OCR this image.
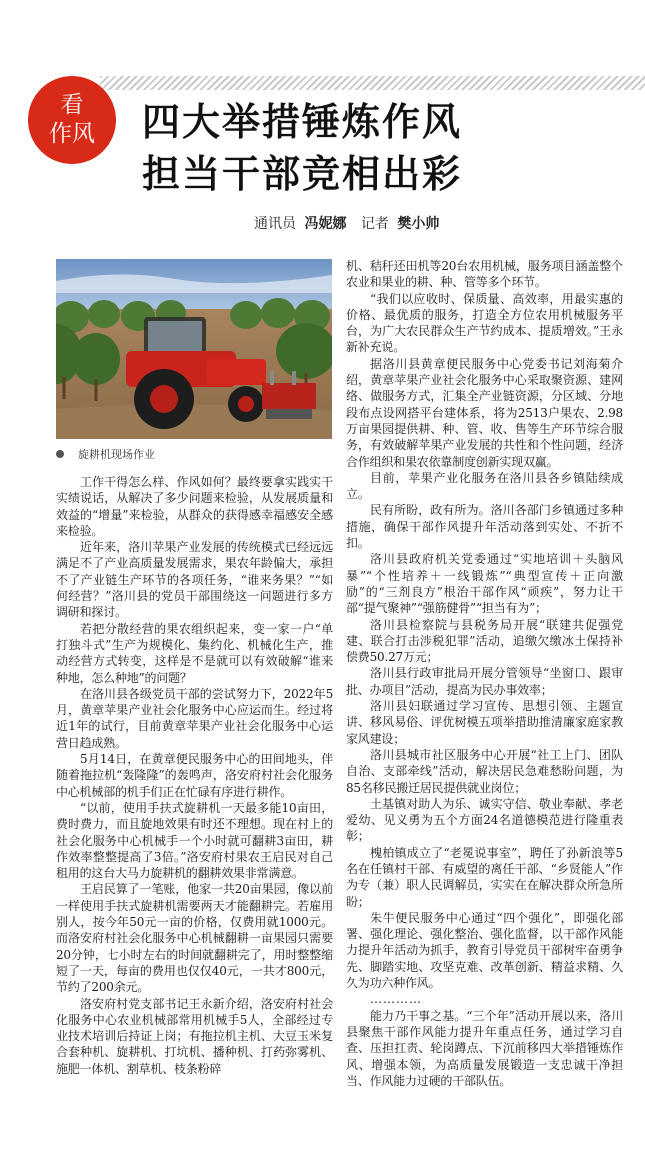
看
作风 四大举措锤炼作风
担当干部竞相出彩
通讯员 冯妮娜 记者 樊小帅
旋耕机现场作业

工作干得怎么样、作风如何？最终要拿实践实干实绩说话，从解决了多少问题来检验，从发展质量和效益的“增量”来检验，从群众的获得感幸福感安全感来检验。

近年来，洛川苹果产业发展的传统模式已经远远满足不了产业高质量发展需求，果农年龄偏大，承担不了产业链生产环节的各项任务，“谁来务果？”“如何经营？”洛川县的党员干部围绕这一问题进行多方调研和探讨。

若把分散经营的果农组织起来，变一家一户“单打独斗式”生产为规模化、集约化、机械化生产，推动经营方式转变，这样是不是就可以有效破解“谁来种地，怎么种地”的问题？

在洛川县各级党员干部的尝试努力下，2022年5月，黄章苹果产业社会化服务中心应运而生。经过将近1年的试行，目前黄章苹果产业社会化服务中心运营日趋成熟。

5月14日，在黄章便民服务中心的田间地头，伴随着拖拉机“轰隆隆”的轰鸣声，洛安府村社会化服务中心机械部的机手们正在忙碌有序进行耕作。

“以前，使用手扶式旋耕机一天最多能10亩田，费时费力，而且旋地效果有时还不理想。现在村上的社会化服务中心机械手一个小时就可翻耕3亩田，耕作效率整整提高了3倍。”洛安府村果农王启民对自己租用的这台大马力旋耕机的翻耕效果非常满意。

王启民算了一笔账，他家一共20亩果园，像以前一样使用手扶式旋耕机需要两天才能翻耕完。若雇用别人，按今年50元一亩的价格，仅费用就1000元。而洛安府村社会化服务中心机械翻耕一亩果园只需要20分钟，七小时左右的时间就翻耕完了，用时整整缩短了一天，每亩的费用也仅仅40元，一共才800元，节约了200余元。

洛安府村党支部书记王永新介绍，洛安府村社会化服务中心农业机械部常用机械手5人，全部经过专业技术培训后持证上岗；有拖拉机主机、大豆玉米复合套种机、旋耕机、打坑机、播种机、打药弥雾机、施肥一体机、割草机、枝条粉碎

机、秸秆还田机等20台农用机械，服务项目涵盖整个农业和果业的耕、种、管等多个环节。

“我们以应收时、保质量、高效率，用最实惠的价格、最优质的服务，打造全方位农用机械服务平台，为广大农民群众生产节约成本、提质增效。”王永新补充说。

据洛川县黄章便民服务中心党委书记刘海菊介绍，黄章苹果产业社会化服务中心采取聚资源、建网络、做服务方式，汇集全产业链资源，分区域、分地段布点设网搭平台建体系，将为2513户果农、2.98万亩果园提供耕、种、管、收、售等生产环节综合服务，有效破解苹果产业发展的共性和个性问题，经济合作组织和果农依靠制度创新实现双赢。

目前，苹果产业化服务在洛川县各乡镇陆续成立。

民有所盼，政有所为。洛川各部门乡镇通过多种措施，确保干部作风提升年活动落到实处、不折不扣。

洛川县政府机关党委通过“实地培训＋头脑风暴”“个性培养＋一线锻炼”“典型宣传＋正向激励”的“三剂良方”根治干部作风“顽疾”，努力让干部“提气聚神”“强筋健骨”“担当有为”；

洛川县检察院与县税务局开展“联建共促强党建、联合打击涉税犯罪”活动，追缴欠缴冰土保持补偿费50.27万元；

洛川县行政审批局开展分管领导“坐窗口、跟审批、办项目”活动，提高为民办事效率；

洛川县妇联通过学习宣传、思想引领、主题宣讲、移风易俗、评优树模五项举措助推清廉家庭家教家风建设；

洛川县城市社区服务中心开展“社工上门、团队自治、支部牵线”活动，解决居民急难愁盼问题，为85名移民搬迁居民提供就业岗位；

土基镇对助人为乐、诚实守信、敬业奉献、孝老爱幼、见义勇为五个方面24名道德模范进行隆重表彰；

槐柏镇成立了“老冕说事室”，聘任了孙新浪等5名在任镇村干部、有威望的离任干部、“乡贤能人”作为专（兼）职人民调解员，实实在在解决群众所急所盼；

朱牛便民服务中心通过“四个强化”，即强化部署、强化理论、强化整治、强化监督，以干部作风能力提升年活动为抓手，教育引导党员干部树牢奋勇争先、脚踏实地、攻坚克难、改革创新、精益求精、久久为功六种作风。

…………

能力乃干事之基。“三个年”活动开展以来，洛川县聚焦干部作风能力提升年重点任务，通过学习自查、压担扛责、轮岗蹲点、下沉前移四大举措锤炼作风、增强本领，为高质量发展锻造一支忠诚干净担当、作风能力过硬的干部队伍。
